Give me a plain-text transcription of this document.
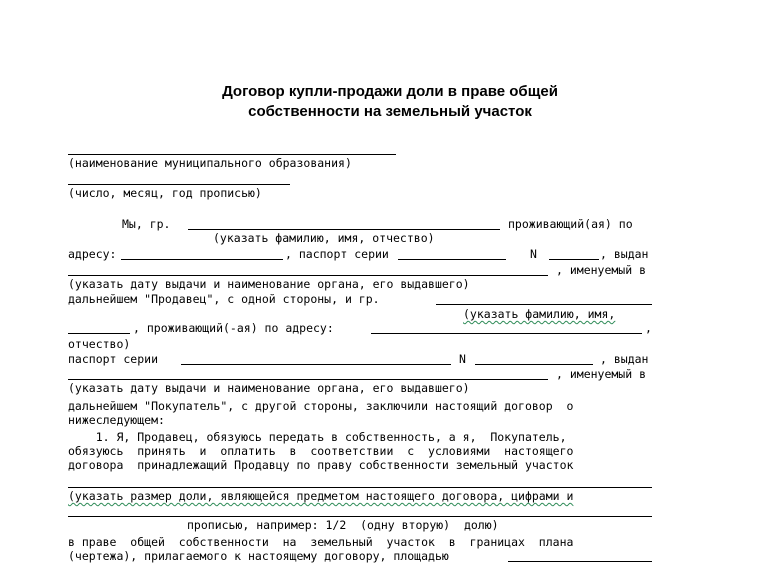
Договор купли-продажи доли в праве общей
собственности на земельный участок
(наименование муниципального образования)
(число, месяц, год прописью)
Мы, гр.	проживающий(ая) по
(указать фамилию, имя, отчество)
адресу:	, паспорт серии	N	, выдан
, именуемый в
(указать дату выдачи и наименование органа, его выдавшего)
дальнейшем "Продавец", с одной стороны, и гр.
(указать фамилию, имя,
, проживающий(-ая) по адресу:	,
отчество)
паспорт серии	N	, выдан
, именуемый в
(указать дату выдачи и наименование органа, его выдавшего)
дальнейшем "Покупатель", с другой стороны, заключили настоящий договор  о
нижеследующем:
1. Я, Продавец, обязуюсь передать в собственность, а я,  Покупатель,
обязуюсь  принять  и  оплатить  в  соответствии  с  условиями  настоящего
договора  принадлежащий Продавцу по праву собственности земельный участок
(указать размер доли, являющейся предметом настоящего договора, цифрами и
прописью, например: 1/2  (одну вторую)  долю)
в праве  общей  собственности  на  земельный  участок  в  границах  плана
(чертежа), прилагаемого к настоящему договору, площадью
